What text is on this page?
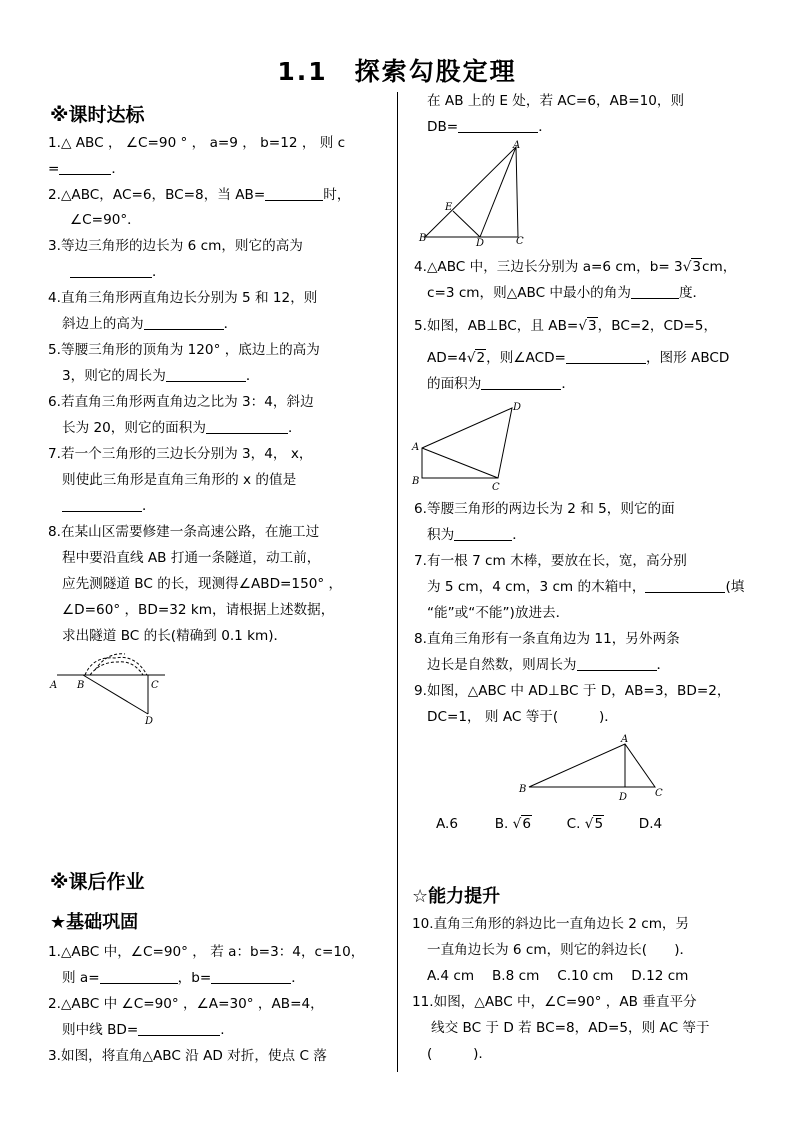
1.1　探索勾股定理
※课时达标
1.△ ABC ， ∠C=90 ° ， a=9 ， b=12 ， 则 c
=	．
2.△ABC，AC=6，BC=8，当 AB=	时，
∠C=90°．
3.等边三角形的边长为 6 cm，则它的高为
．
4.直角三角形两直角边长分别为 5 和 12，则
斜边上的高为	．
5.等腰三角形的顶角为 120° ，底边上的高为
3，则它的周长为	．
6.若直角三角形两直角边之比为 3：4，斜边
长为 20，则它的面积为	．
7.若一个三角形的三边长分别为 3，4， x，
则使此三角形是直角三角形的 x 的值是
．
8.在某山区需要修建一条高速公路，在施工过
程中要沿直线 AB 打通一条隧道，动工前，
应先测隧道 BC 的长，现测得∠ABD=150° ，
∠D=60° ，BD=32 km，请根据上述数据，
求出隧道 BC 的长(精确到 0.1 km)．
A B	C
D
※课后作业
★基础巩固
1.△ABC 中，∠C=90° ， 若 a：b=3：4，c=10，
则 a=	，b=	．
2.△ABC 中 ∠C=90° ，∠A=30° ，AB=4，
则中线 BD=	.
3.如图，将直角△ABC 沿 AD 对折，使点 C 落
在 AB 上的 E 处，若 AC=6，AB=10，则
DB=	．
A
B	C
D
E
4.△ABC 中，三边长分别为 a=6 cm，b= 3√3cm，
c=3 cm，则△ABC 中最小的角为	度．
5.如图，AB⊥BC，且 AB=√3，BC=2，CD=5，
AD=4√2，则∠ACD=	，图形 ABCD
的面积为	．
A
B
C
D
6.等腰三角形的两边长为 2 和 5，则它的面
积为	．
7.有一根 7 cm 木棒，要放在长，宽，高分别
为 5 cm，4 cm，3 cm 的木箱中，	(填
“能”或“不能”)放进去．
8.直角三角形有一条直角边为 11，另外两条
边长是自然数，则周长为	．
9.如图，△ABC 中 AD⊥BC 于 D，AB=3，BD=2，
DC=1， 则 AC 等于(　　　)．
A
B	C
D
A.6	B. √6	C. √5	D.4
☆能力提升
10.直角三角形的斜边比一直角边长 2 cm，另
一直角边长为 6 cm，则它的斜边长(　　)．
A.4 cm　 B.8 cm　 C.10 cm　 D.12 cm
11.如图，△ABC 中，∠C=90° ，AB 垂直平分
线交 BC 于 D 若 BC=8，AD=5，则 AC 等于
(　　　).
